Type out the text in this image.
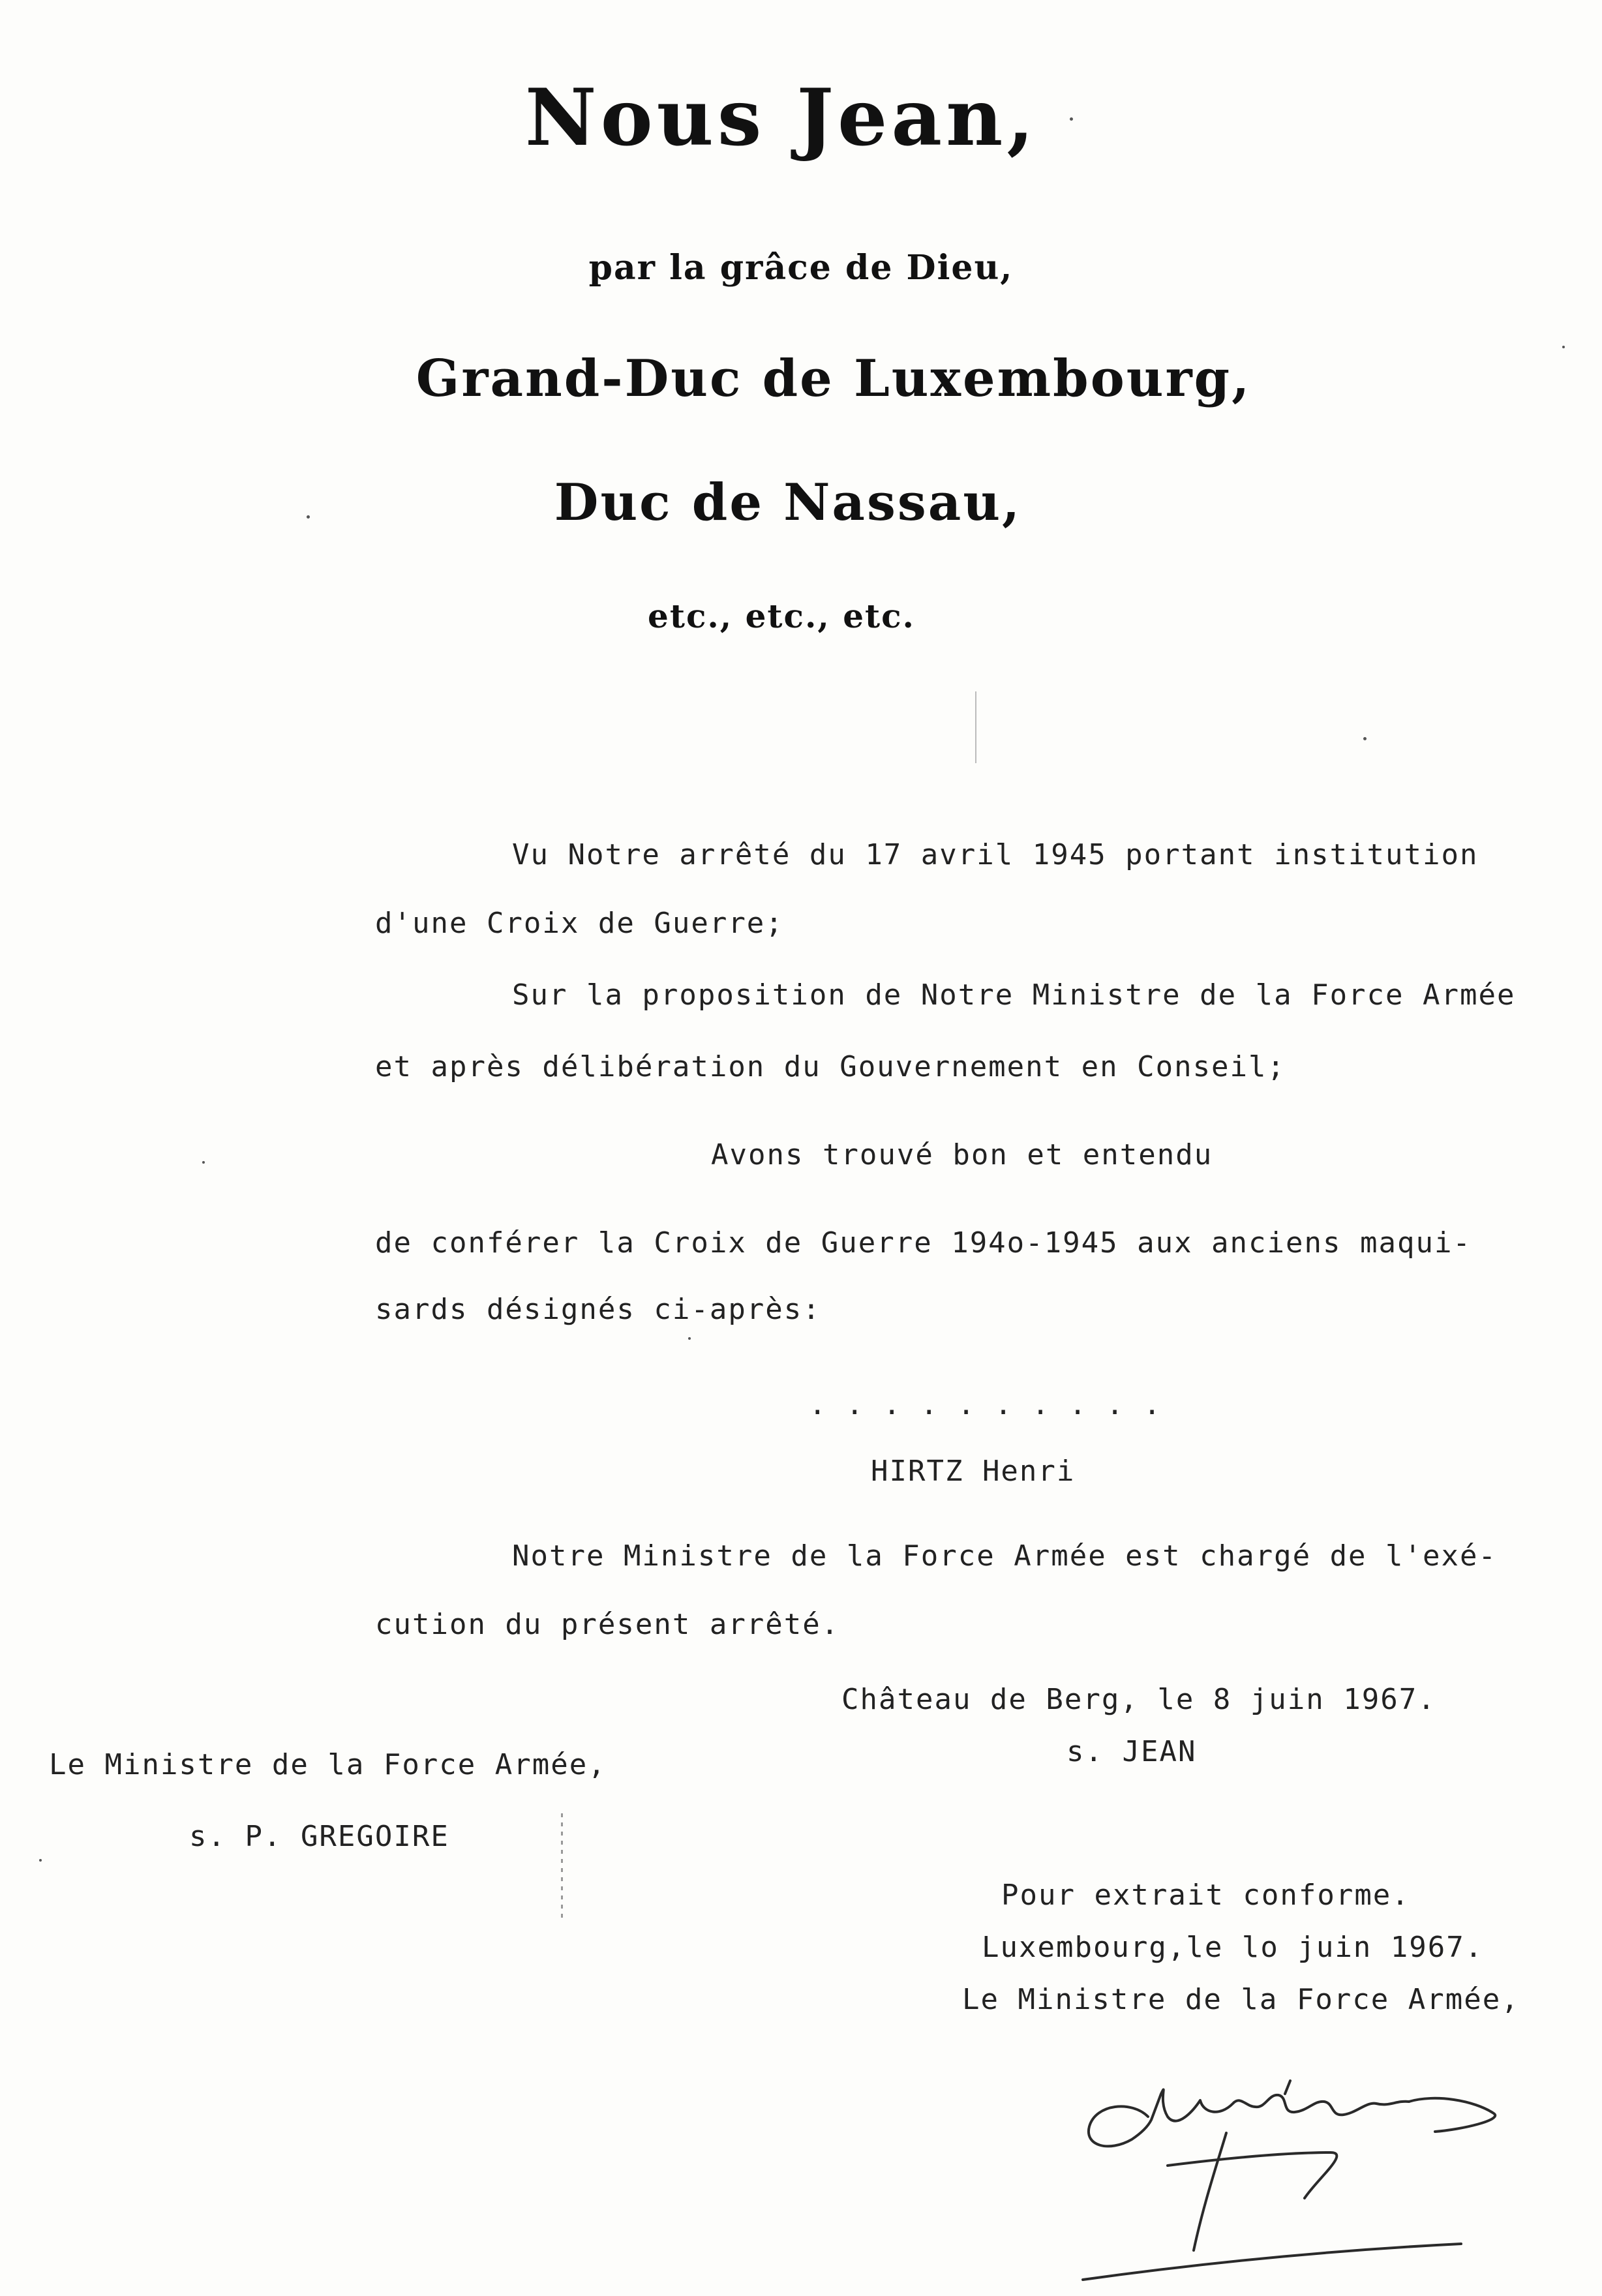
Nous Jean,
par la grâce de Dieu,
Grand-Duc de Luxembourg,
Duc de Nassau,
etc., etc., etc.
Vu Notre arrêté du 17 avril 1945 portant institution
d'une Croix de Guerre;
Sur la proposition de Notre Ministre de la Force Armée
et après délibération du Gouvernement en Conseil;
Avons trouvé bon et entendu
de conférer la Croix de Guerre 194o-1945 aux anciens maqui-
sards désignés ci-après:
. . . . . . . . . .
HIRTZ Henri
Notre Ministre de la Force Armée est chargé de l'exé-
cution du présent arrêté.
Château de Berg, le 8 juin 1967.
s. JEAN
Le Ministre de la Force Armée,
s. P. GREGOIRE
Pour extrait conforme.
Luxembourg,le lo juin 1967.
Le Ministre de la Force Armée,
